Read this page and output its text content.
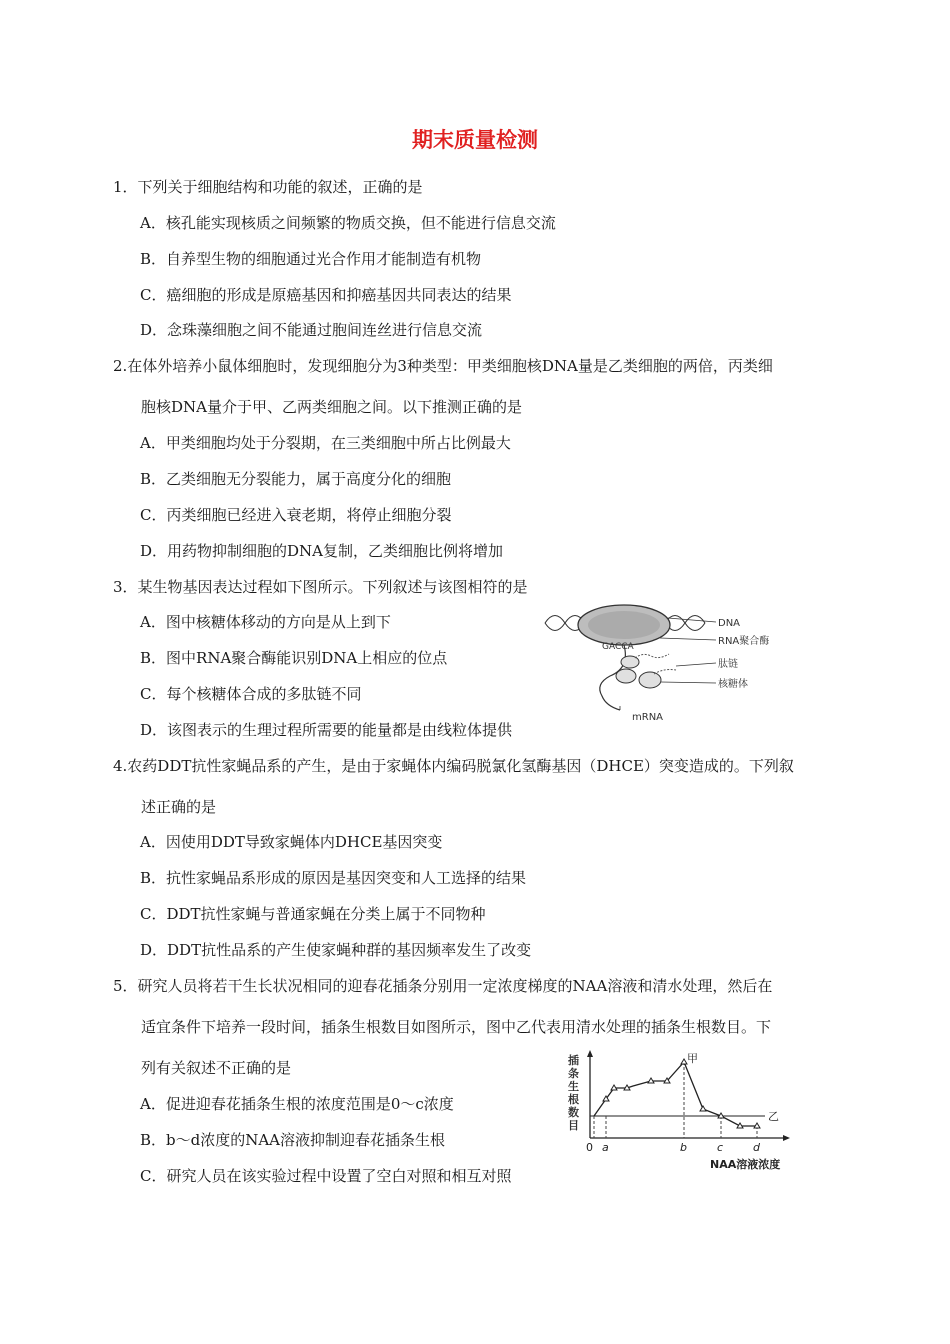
期末质量检测
1．下列关于细胞结构和功能的叙述，正确的是
A．核孔能实现核质之间频繁的物质交换，但不能进行信息交流
B．自养型生物的细胞通过光合作用才能制造有机物
C．癌细胞的形成是原癌基因和抑癌基因共同表达的结果
D．念珠藻细胞之间不能通过胞间连丝进行信息交流
2.在体外培养小鼠体细胞时，发现细胞分为3种类型：甲类细胞核DNA量是乙类细胞的两倍，丙类细
胞核DNA量介于甲、乙两类细胞之间。以下推测正确的是
A．甲类细胞均处于分裂期，在三类细胞中所占比例最大
B．乙类细胞无分裂能力，属于高度分化的细胞
C．丙类细胞已经进入衰老期，将停止细胞分裂
D．用药物抑制细胞的DNA复制，乙类细胞比例将增加
3．某生物基因表达过程如下图所示。下列叙述与该图相符的是
A．图中核糖体移动的方向是从上到下
B．图中RNA聚合酶能识别DNA上相应的位点
C．每个核糖体合成的多肽链不同
D．该图表示的生理过程所需要的能量都是由线粒体提供
GACCA
DNA
RNA聚合酶
肽链
核糖体
mRNA
4.农药DDT抗性家蝇品系的产生，是由于家蝇体内编码脱氯化氢酶基因（DHCE）突变造成的。下列叙
述正确的是
A．因使用DDT导致家蝇体内DHCE基因突变
B．抗性家蝇品系形成的原因是基因突变和人工选择的结果
C．DDT抗性家蝇与普通家蝇在分类上属于不同物种
D．DDT抗性品系的产生使家蝇种群的基因频率发生了改变
5．研究人员将若干生长状况相同的迎春花插条分别用一定浓度梯度的NAA溶液和清水处理，然后在
适宜条件下培养一段时间，插条生根数目如图所示，图中乙代表用清水处理的插条生根数目。下
列有关叙述不正确的是
A．促进迎春花插条生根的浓度范围是0～c浓度
B．b～d浓度的NAA溶液抑制迎春花插条生根
C．研究人员在该实验过程中设置了空白对照和相互对照
插
条
生
根
数
目
乙
甲
0 a	b	c	d
NAA溶液浓度
